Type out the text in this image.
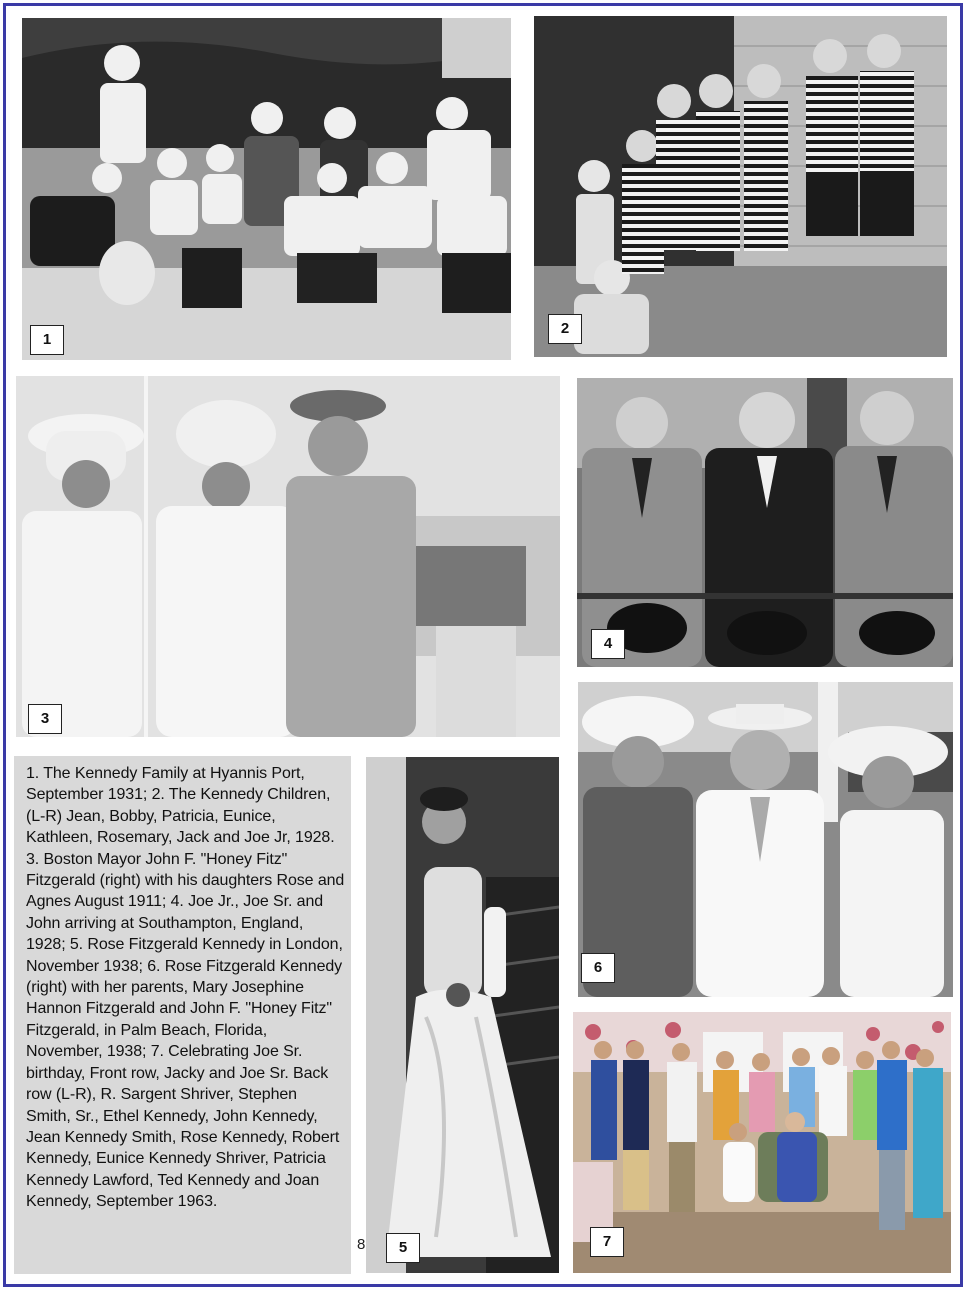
1
2
3
4
1. The Kennedy Family at Hyannis Port, September 1931; 2. The Kennedy Children, (L-R) Jean, Bobby, Patricia, Eunice, Kathleen, Rosemary, Jack and Joe Jr, 1928. 3. Boston Mayor John F. "Honey Fitz" Fitzgerald (right) with his daughters Rose and Agnes August 1911; 4. Joe Jr., Joe Sr. and John arriving at Southampton, England, 1928; 5. Rose Fitzgerald Kennedy in London, November 1938; 6. Rose Fitzgerald Kennedy (right) with her parents, Mary Josephine Hannon Fitzgerald and John F. "Honey Fitz" Fitzgerald, in Palm Beach, Florida, November, 1938; 7. Celebrating Joe Sr. birthday, Front row, Jacky and Joe Sr. Back row (L-R), R. Sargent Shriver, Stephen Smith, Sr., Ethel Kennedy, John Kennedy, Jean Kennedy Smith, Rose Kennedy, Robert Kennedy, Eunice Kennedy Shriver, Patricia Kennedy Lawford, Ted Kennedy and Joan Kennedy, September 1963.
8	5
6
7
